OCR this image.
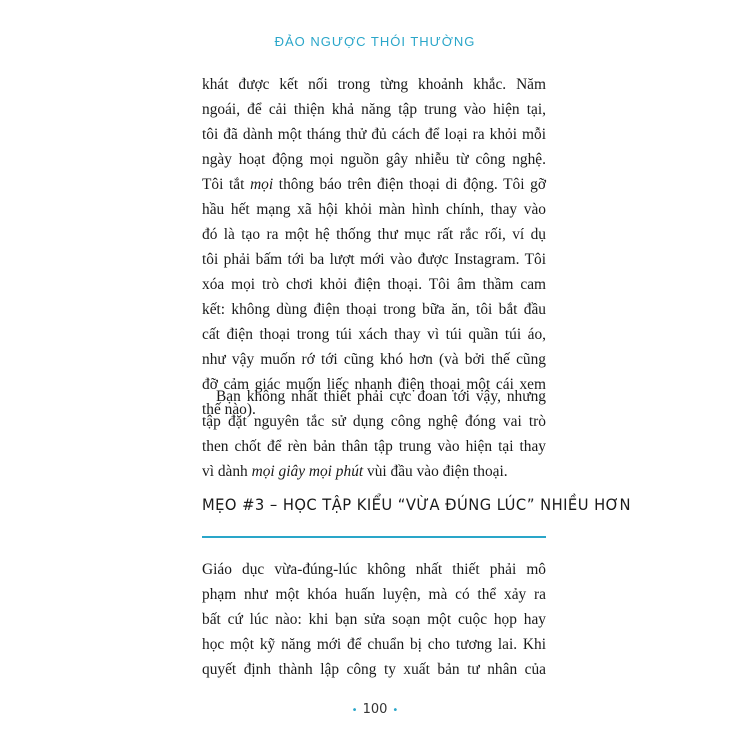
ĐẢO NGƯỢC THÓI THƯỜNG
khát được kết nối trong từng khoảnh khắc. Năm
ngoái, để cải thiện khả năng tập trung vào hiện tại,
tôi đã dành một tháng thử đủ cách để loại ra khỏi mỗi
ngày hoạt động mọi nguồn gây nhiễu từ công nghệ.
Tôi tắt mọi thông báo trên điện thoại di động. Tôi gỡ
hầu hết mạng xã hội khỏi màn hình chính, thay vào
đó là tạo ra một hệ thống thư mục rất rắc rối, ví dụ
tôi phải bấm tới ba lượt mới vào được Instagram. Tôi
xóa mọi trò chơi khỏi điện thoại. Tôi âm thầm cam
kết: không dùng điện thoại trong bữa ăn, tôi bắt đầu
cất điện thoại trong túi xách thay vì túi quần túi áo,
như vậy muốn rớ tới cũng khó hơn (và bởi thế cũng
đỡ cảm giác muốn liếc nhanh điện thoại một cái xem
thế nào).
Bạn không nhất thiết phải cực đoan tới vậy, nhưng
tập đặt nguyên tắc sử dụng công nghệ đóng vai trò
then chốt để rèn bản thân tập trung vào hiện tại thay
vì dành mọi giây mọi phút vùi đầu vào điện thoại.
MẸO #3 – HỌC TẬP KIỂU “VỪA ĐÚNG LÚC” NHIỀU HƠN
Giáo dục vừa-đúng-lúc không nhất thiết phải mô
phạm như một khóa huấn luyện, mà có thể xảy ra
bất cứ lúc nào: khi bạn sửa soạn một cuộc họp hay
học một kỹ năng mới để chuẩn bị cho tương lai. Khi
quyết định thành lập công ty xuất bản tư nhân của
• 100 •
